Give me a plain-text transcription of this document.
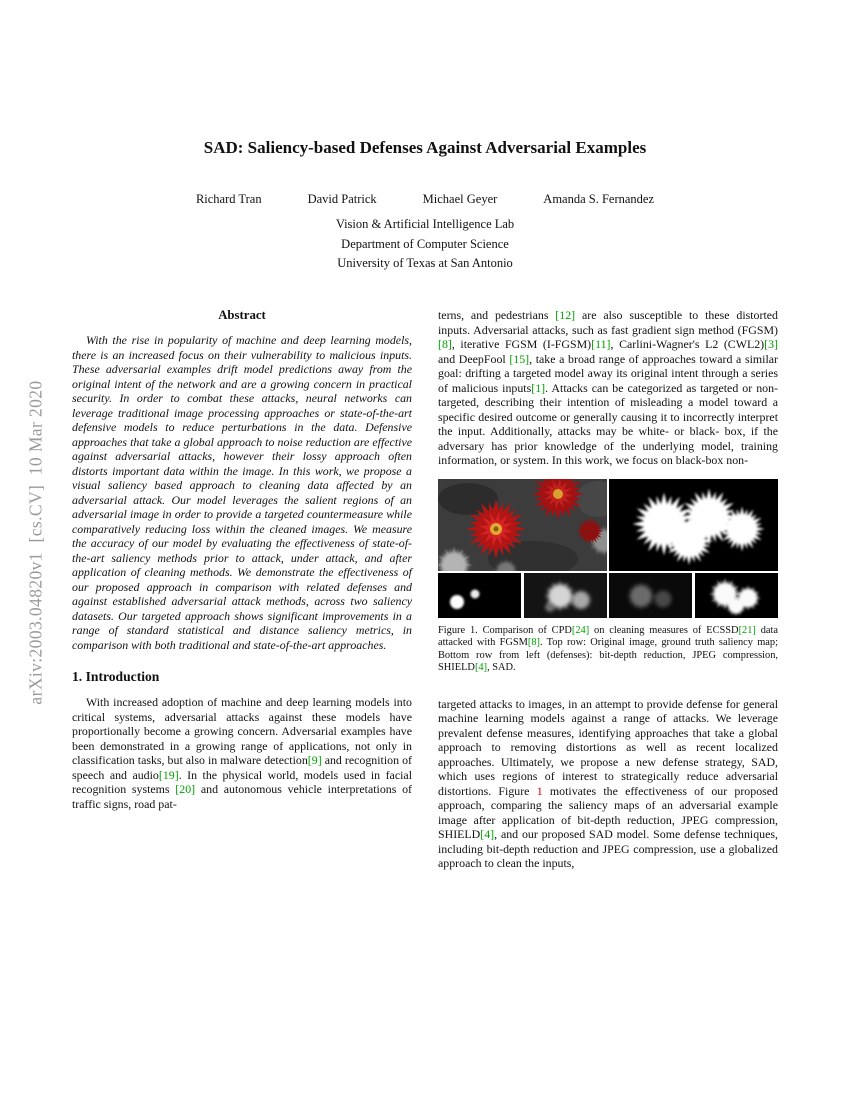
arXiv:2003.04820v1  [cs.CV]  10 Mar 2020
SAD: Saliency-based Defenses Against Adversarial Examples
Richard Tran	David Patrick	Michael Geyer	Amanda S. Fernandez
Vision & Artificial Intelligence Lab
Department of Computer Science
University of Texas at San Antonio
Abstract

With the rise in popularity of machine and deep learning models, there is an increased focus on their vulnerability to malicious inputs. These adversarial examples drift model predictions away from the original intent of the network and are a growing concern in practical security. In order to combat these attacks, neural networks can leverage traditional image processing approaches or state-of-the-art defensive models to reduce perturbations in the data. Defensive approaches that take a global approach to noise reduction are effective against adversarial attacks, however their lossy approach often distorts important data within the image. In this work, we propose a visual saliency based approach to cleaning data affected by an adversarial attack. Our model leverages the salient regions of an adversarial image in order to provide a targeted countermeasure while comparatively reducing loss within the cleaned images. We measure the accuracy of our model by evaluating the effectiveness of state-of-the-art saliency methods prior to attack, under attack, and after application of cleaning methods. We demonstrate the effectiveness of our proposed approach in comparison with related defenses and against established adversarial attack methods, across two saliency datasets. Our targeted approach shows significant improvements in a range of standard statistical and distance saliency metrics, in comparison with both traditional and state-of-the-art approaches.

1. Introduction

With increased adoption of machine and deep learning models into critical systems, adversarial attacks against these models have proportionally become a growing concern. Adversarial examples have been demonstrated in a growing range of applications, not only in classification tasks, but also in malware detection[9] and recognition of speech and audio[19]. In the physical world, models used in facial recognition systems [20] and autonomous vehicle interpretations of traffic signs, road pat-

terns, and pedestrians [12] are also susceptible to these distorted inputs. Adversarial attacks, such as fast gradient sign method (FGSM)[8], iterative FGSM (I-FGSM)[11], Carlini-Wagner's L2 (CWL2)[3] and DeepFool [15], take a broad range of approaches toward a similar goal: drifting a targeted model away its original intent through a series of malicious inputs[1]. Attacks can be categorized as targeted or non-targeted, describing their intention of misleading a model toward a specific desired outcome or generally causing it to incorrectly interpret the input. Additionally, attacks may be white- or black- box, if the adversary has prior knowledge of the underlying model, training information, or system. In this work, we focus on black-box non-

Figure 1. Comparison of CPD[24] on cleaning measures of ECSSD[21] data attacked with FGSM[8]. Top row: Original image, ground truth saliency map; Bottom row from left (defenses): bit-depth reduction, JPEG compression, SHIELD[4], SAD.

targeted attacks to images, in an attempt to provide defense for general machine learning models against a range of attacks. We leverage prevalent defense measures, identifying approaches that take a global approach to removing distortions as well as recent localized approaches. Ultimately, we propose a new defense strategy, SAD, which uses regions of interest to strategically reduce adversarial distortions. Figure 1 motivates the effectiveness of our proposed approach, comparing the saliency maps of an adversarial example image after application of bit-depth reduction, JPEG compression, SHIELD[4], and our proposed SAD model. Some defense techniques, including bit-depth reduction and JPEG compression, use a globalized approach to clean the inputs,
